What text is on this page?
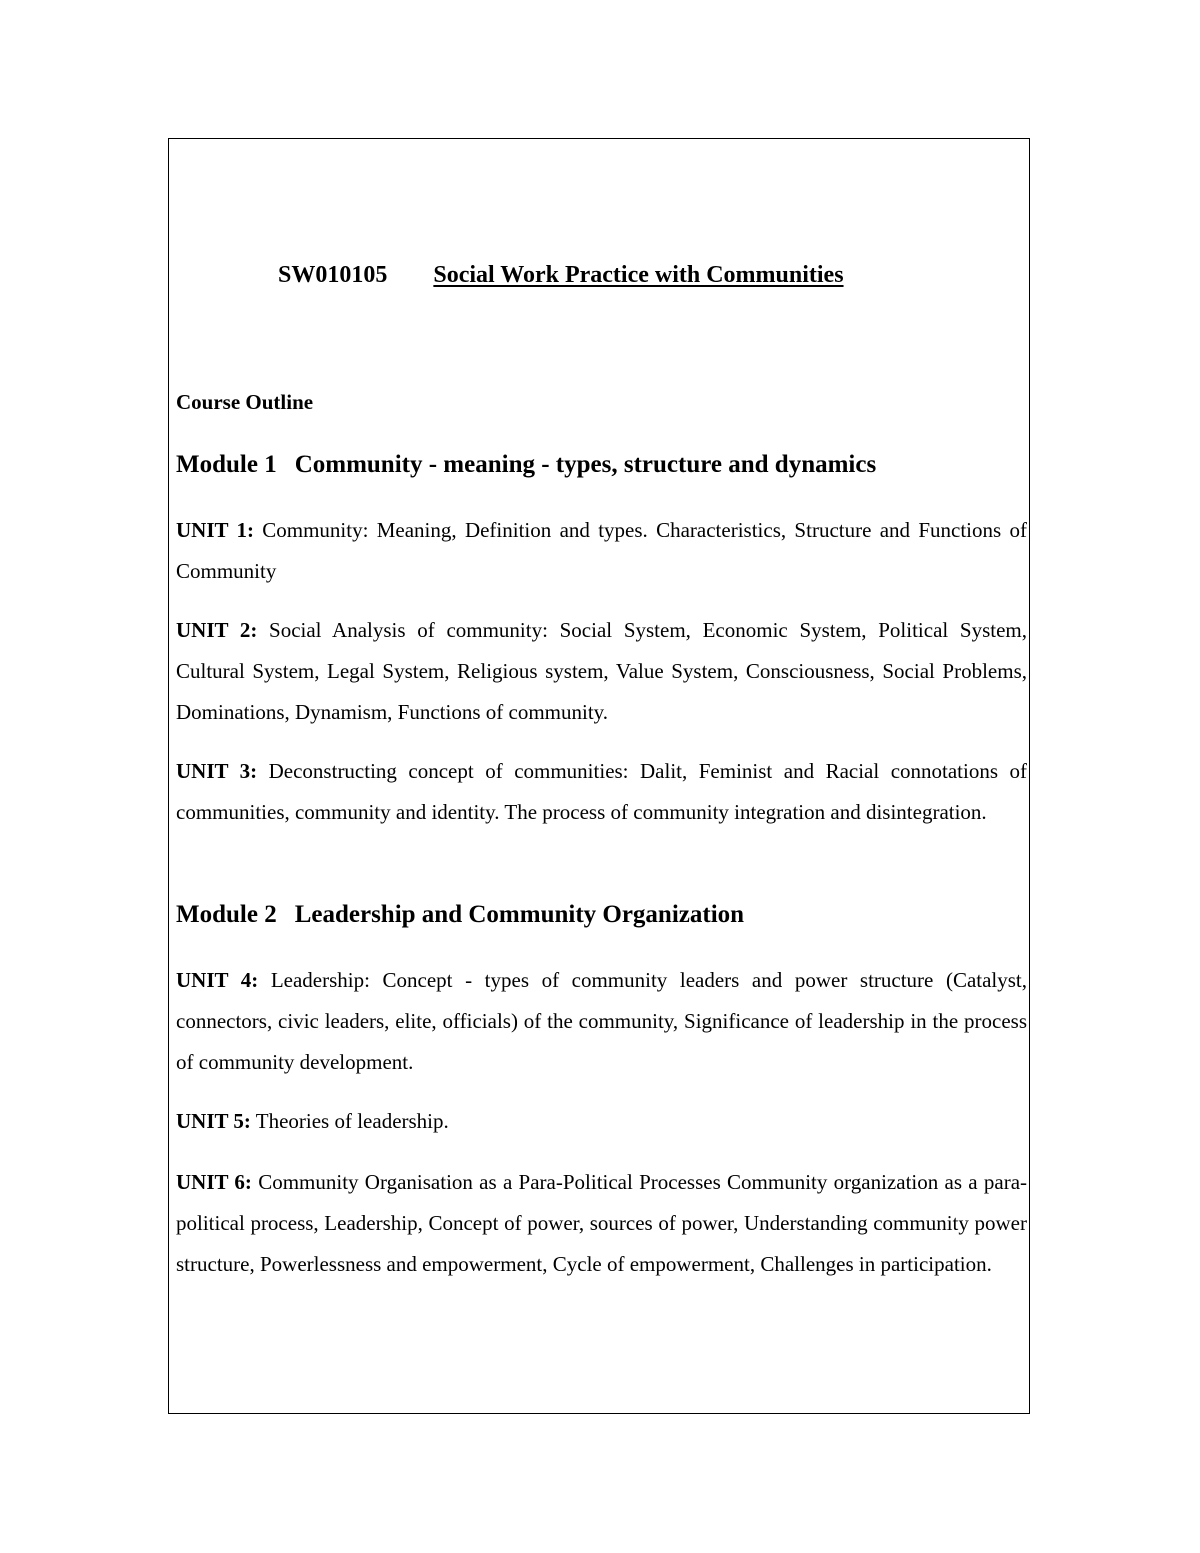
SW010105 Social Work Practice with Communities
Course Outline
Module 1 Community - meaning - types, structure and dynamics
UNIT 1: Community: Meaning, Definition and types. Characteristics, Structure and Functions of Community
UNIT 2: Social Analysis of community: Social System, Economic System, Political System, Cultural System, Legal System, Religious system, Value System, Consciousness, Social Problems, Dominations, Dynamism, Functions of community.
UNIT 3: Deconstructing concept of communities: Dalit, Feminist and Racial connotations of communities, community and identity. The process of community integration and disintegration.
Module 2 Leadership and Community Organization
UNIT 4: Leadership: Concept - types of community leaders and power structure (Catalyst, connectors, civic leaders, elite, officials) of the community, Significance of leadership in the process of community development.
UNIT 5: Theories of leadership.
UNIT 6: Community Organisation as a Para-Political Processes Community organization as a para-political process, Leadership, Concept of power, sources of power, Understanding community power structure, Powerlessness and empowerment, Cycle of empowerment, Challenges in participation.
